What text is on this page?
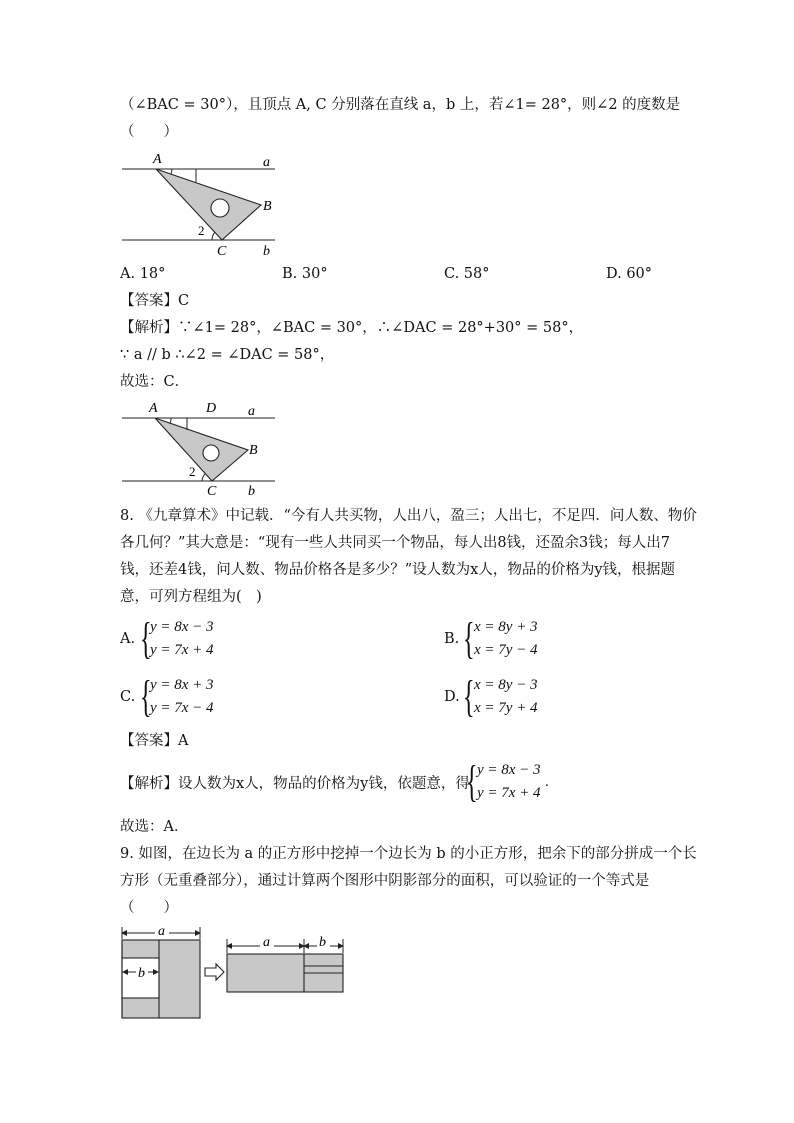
（∠BAC = 30°），且顶点 A, C 分别落在直线 a，b 上，若∠1= 28°，则∠2 的度数是
（　　）
A
B
C
a
b
2
A. 18°	B. 30°	C. 58°	D. 60°
【答案】C
【解析】∵∠1= 28°，∠BAC = 30°，∴∠DAC = 28°+30° = 58°，
∵ a // b ∴∠2 = ∠DAC = 58°，
故选：C．
A	D
B
C
a
b
2
8. 《九章算术》中记载．“今有人共买物，人出八，盈三；人出七，不足四．问人数、物价
各几何？”其大意是：“现有一些人共同买一个物品，每人出8钱，还盈余3钱；每人出7
钱，还差4钱，问人数、物品价格各是多少？”设人数为x人，物品的价格为y钱，根据题
意，可列方程组为(　)
A. {
y = 8x − 3
y = 7x + 4
B. { x = 8y + 3
x = 7y − 4
C. {
y = 8x + 3
y = 7x − 4
D. { x = 8y − 3
x = 7y + 4
【答案】A
【解析】设人数为x人，物品的价格为y钱，依题意，得
{ y = 8x − 3
y = 7x + 4
.
故选：A．
9. 如图，在边长为 a 的正方形中挖掉一个边长为 b 的小正方形，把余下的部分拼成一个长
方形（无重叠部分），通过计算两个图形中阴影部分的面积，可以验证的一个等式是
（　　）
a
b
a	b
